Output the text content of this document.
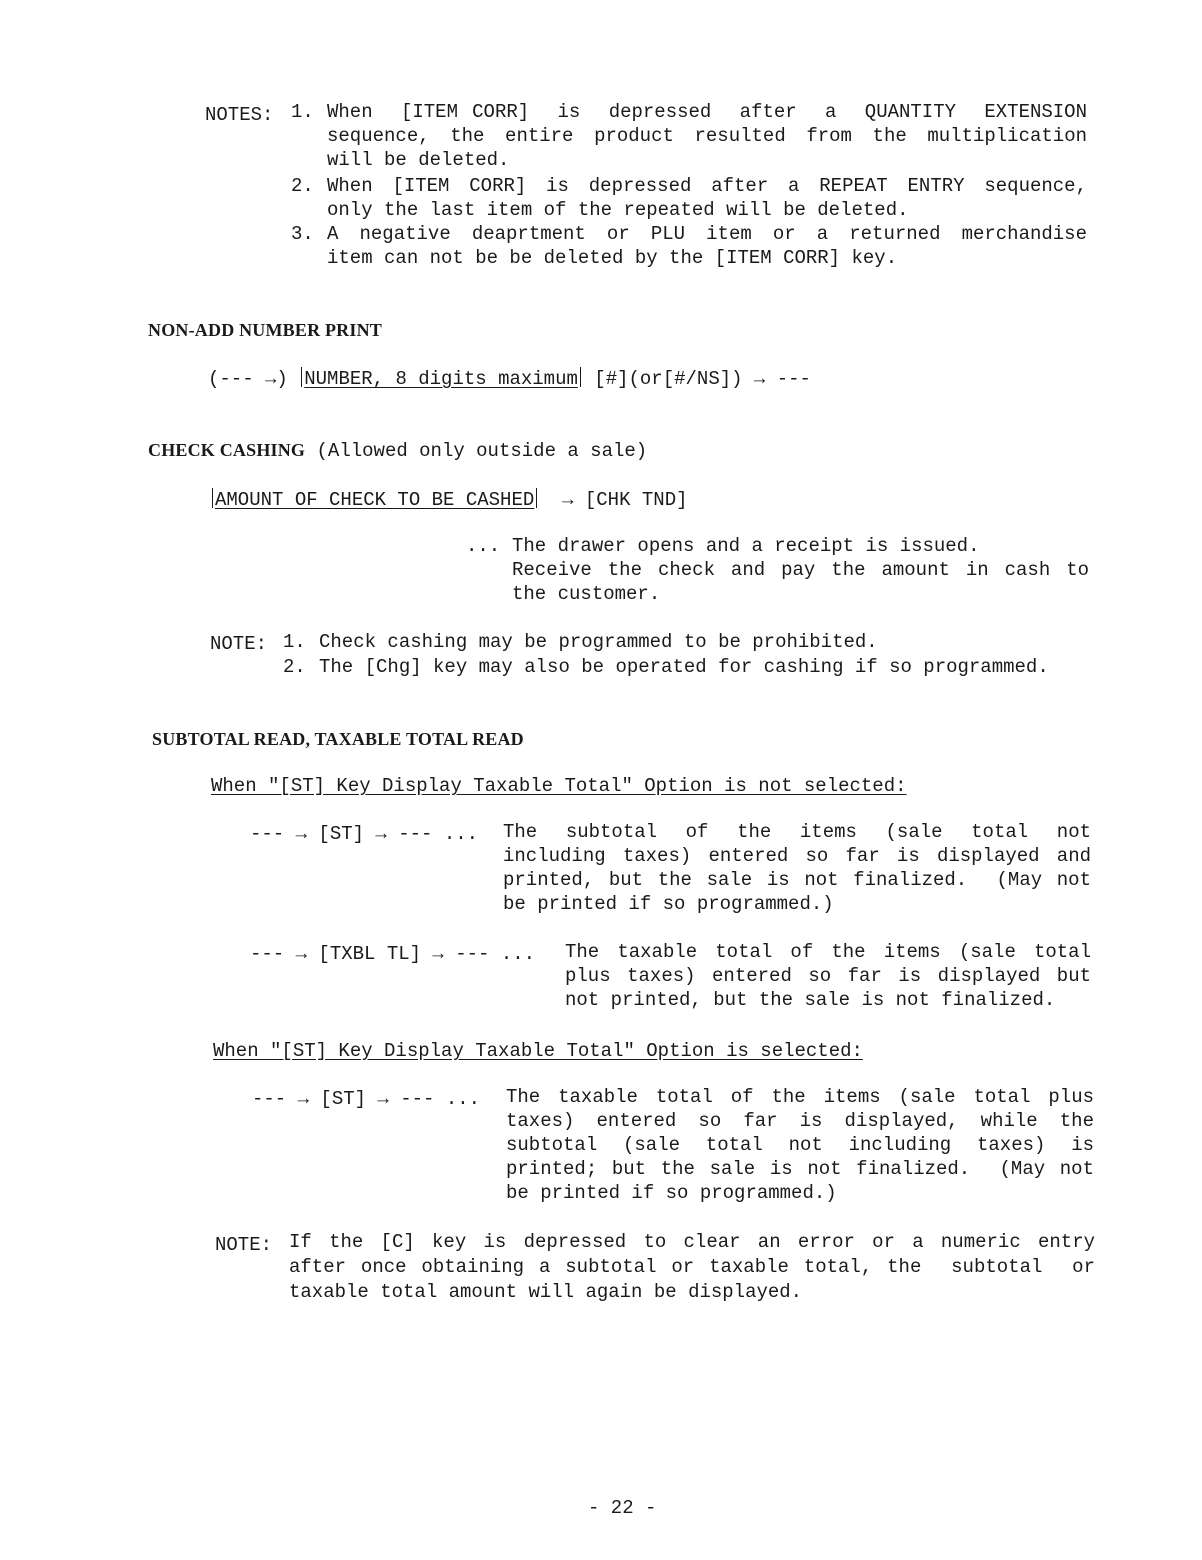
NOTES: 1. When  [ITEM CORR]  is  depressed  after  a  QUANTITY  EXTENSION
sequence, the entire product resulted from the multiplication
will be deleted.
2. When [ITEM CORR] is depressed after a REPEAT ENTRY sequence,
only the last item of the repeated will be deleted.
3. A negative deaprtment or PLU item or a returned merchandise
item can not be be deleted by the [ITEM CORR] key.
NON-ADD NUMBER PRINT
(--- →) NUMBER, 8 digits maximum [#](or[#/NS]) → ---
CHECK CASHING (Allowed only outside a sale)
AMOUNT OF CHECK TO BE CASHED → [CHK TND]
... The drawer opens and a receipt is issued.
Receive the check and pay the amount in cash to
the customer.
NOTE: 1. Check cashing may be programmed to be prohibited.
2. The [Chg] key may also be operated for cashing if so programmed.
SUBTOTAL READ, TAXABLE TOTAL READ
When "[ST] Key Display Taxable Total" Option is not selected:
--- → [ST] → --- ... The  subtotal  of  the  items  (sale  total  not
including taxes) entered so far is displayed and
printed, but the sale is not finalized.  (May not
be printed if so programmed.)
--- → [TXBL TL] → --- ... The taxable total of the items (sale total
plus taxes) entered so far is displayed but
not printed, but the sale is not finalized.
When "[ST] Key Display Taxable Total" Option is selected:
--- → [ST] → --- ... The taxable total of the items (sale total plus
taxes) entered so far is displayed, while the
subtotal (sale total not including taxes) is
printed; but the sale is not finalized.  (May not
be printed if so programmed.)
NOTE: If the [C] key is depressed to clear an error or a numeric entry
after once obtaining a subtotal or taxable total, the  subtotal  or
taxable total amount will again be displayed.
- 22 -
